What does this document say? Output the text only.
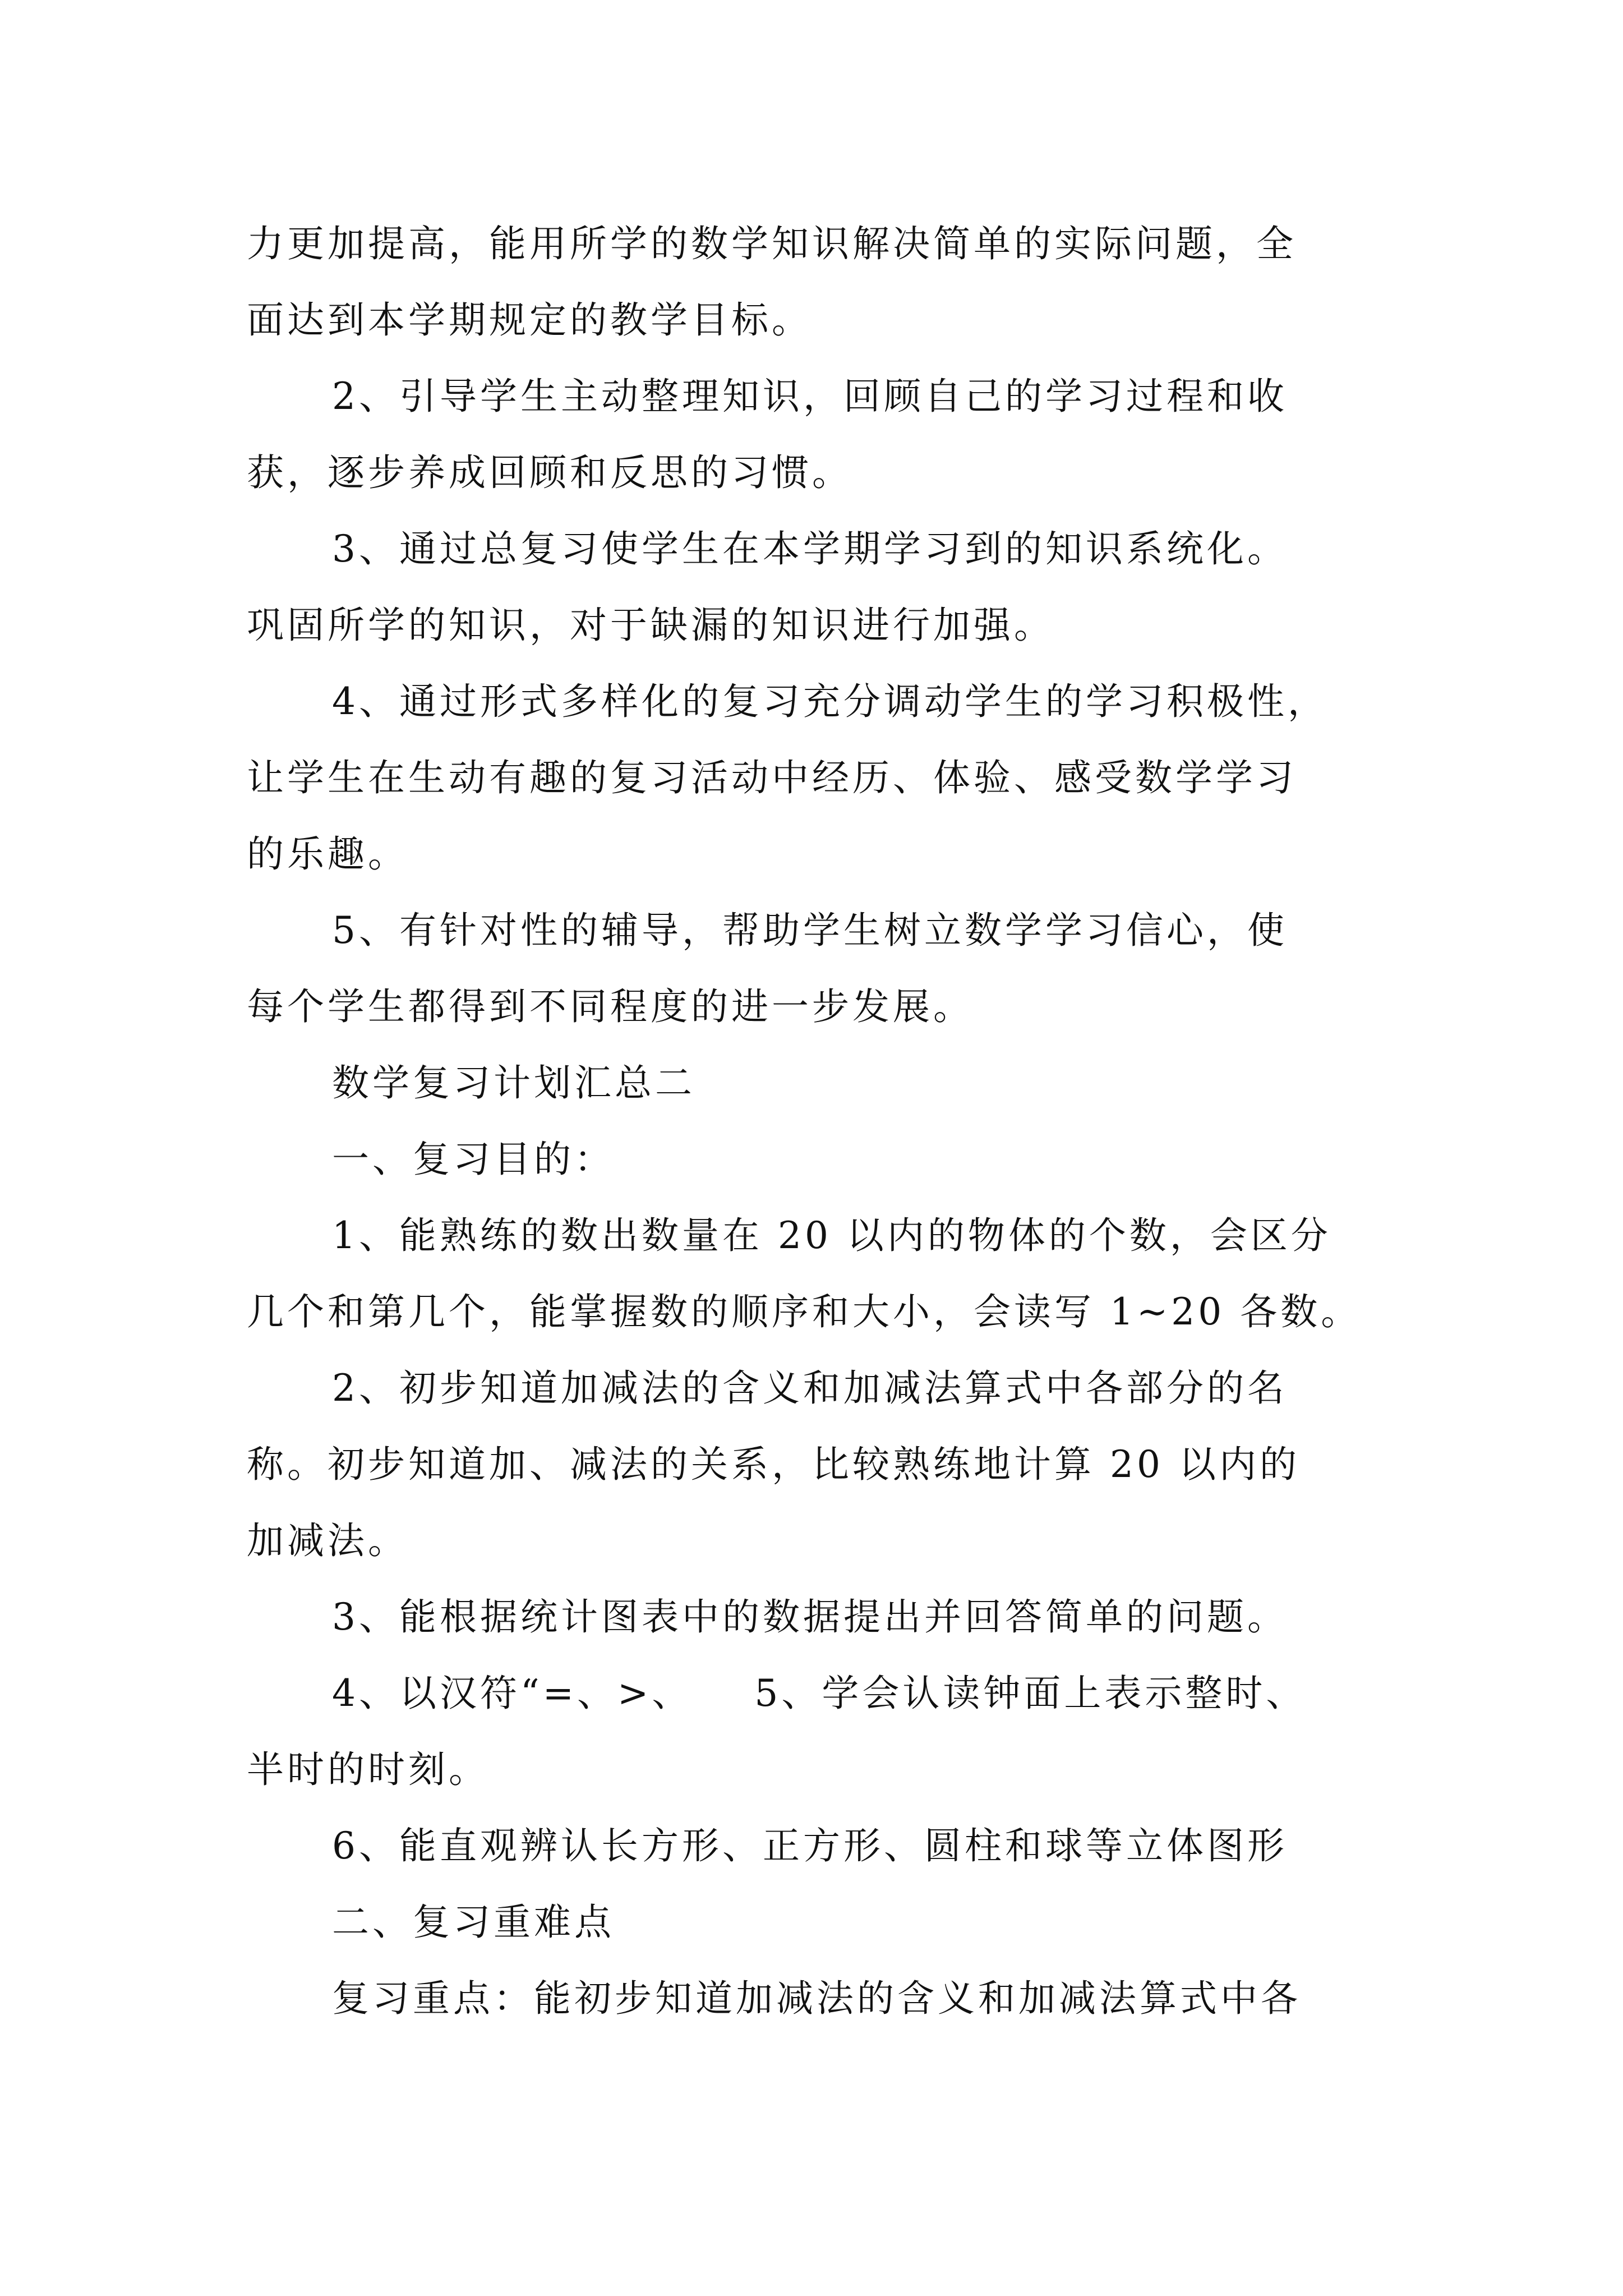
力更加提高，能用所学的数学知识解决简单的实际问题，全

面达到本学期规定的教学目标。

2、引导学生主动整理知识，回顾自己的学习过程和收

获，逐步养成回顾和反思的习惯。

3、通过总复习使学生在本学期学习到的知识系统化。

巩固所学的知识，对于缺漏的知识进行加强。

4、通过形式多样化的复习充分调动学生的学习积极性，

让学生在生动有趣的复习活动中经历、体验、感受数学学习

的乐趣。

5、有针对性的辅导，帮助学生树立数学学习信心，使

每个学生都得到不同程度的进一步发展。

数学复习计划汇总二

一、复习目的：

1、能熟练的数出数量在 20 以内的物体的个数，会区分

几个和第几个，能掌握数的顺序和大小，会读写 1~20 各数。

2、初步知道加减法的含义和加减法算式中各部分的名

称。初步知道加、减法的关系，比较熟练地计算 20 以内的

加减法。

3、能根据统计图表中的数据提出并回答简单的问题。

4、以汉符“=、>、　　5、学会认读钟面上表示整时、

半时的时刻。

6、能直观辨认长方形、正方形、圆柱和球等立体图形

二、复习重难点

复习重点：能初步知道加减法的含义和加减法算式中各
